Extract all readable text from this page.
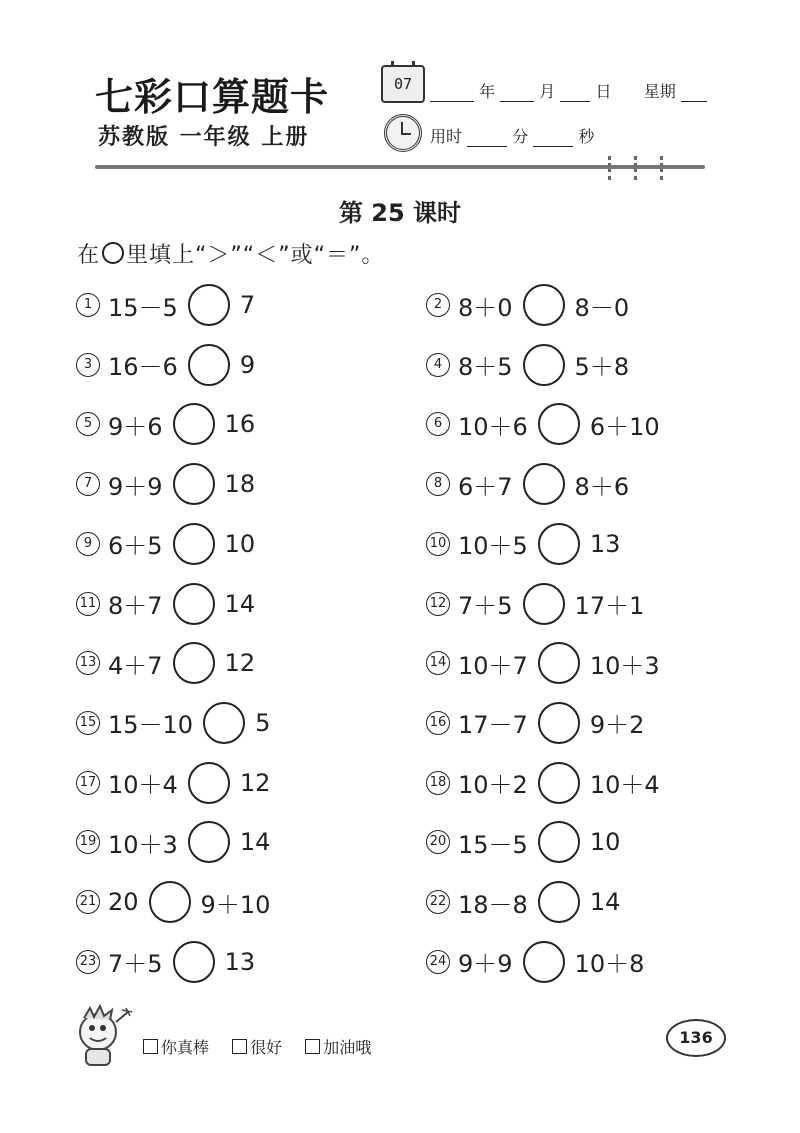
七彩口算题卡
苏教版 一年级 上册
07	年	月	日 星期
用时	分	秒
第 25 课时
在 里填上“＞”“＜”或“＝”。
1 15－5	7	2 8＋0	8－0
3 16－6	9	4 8＋5	5＋8
5 9＋6	16	6 10＋6	6＋10
7 9＋9	18	8 6＋7	8＋6
9 6＋5	10	10 10＋5	13
11 8＋7	14	12 7＋5	17＋1
13 4＋7	12	14 10＋7	10＋3
15 15－10	5	16 17－7	9＋2
17 10＋4	12	18 10＋2	10＋4
19 10＋3	14	20 15－5	10
21 20	9＋10	22 18－8	14
23 7＋5	13	24 9＋9	10＋8
你真棒	很好	加油哦
136
